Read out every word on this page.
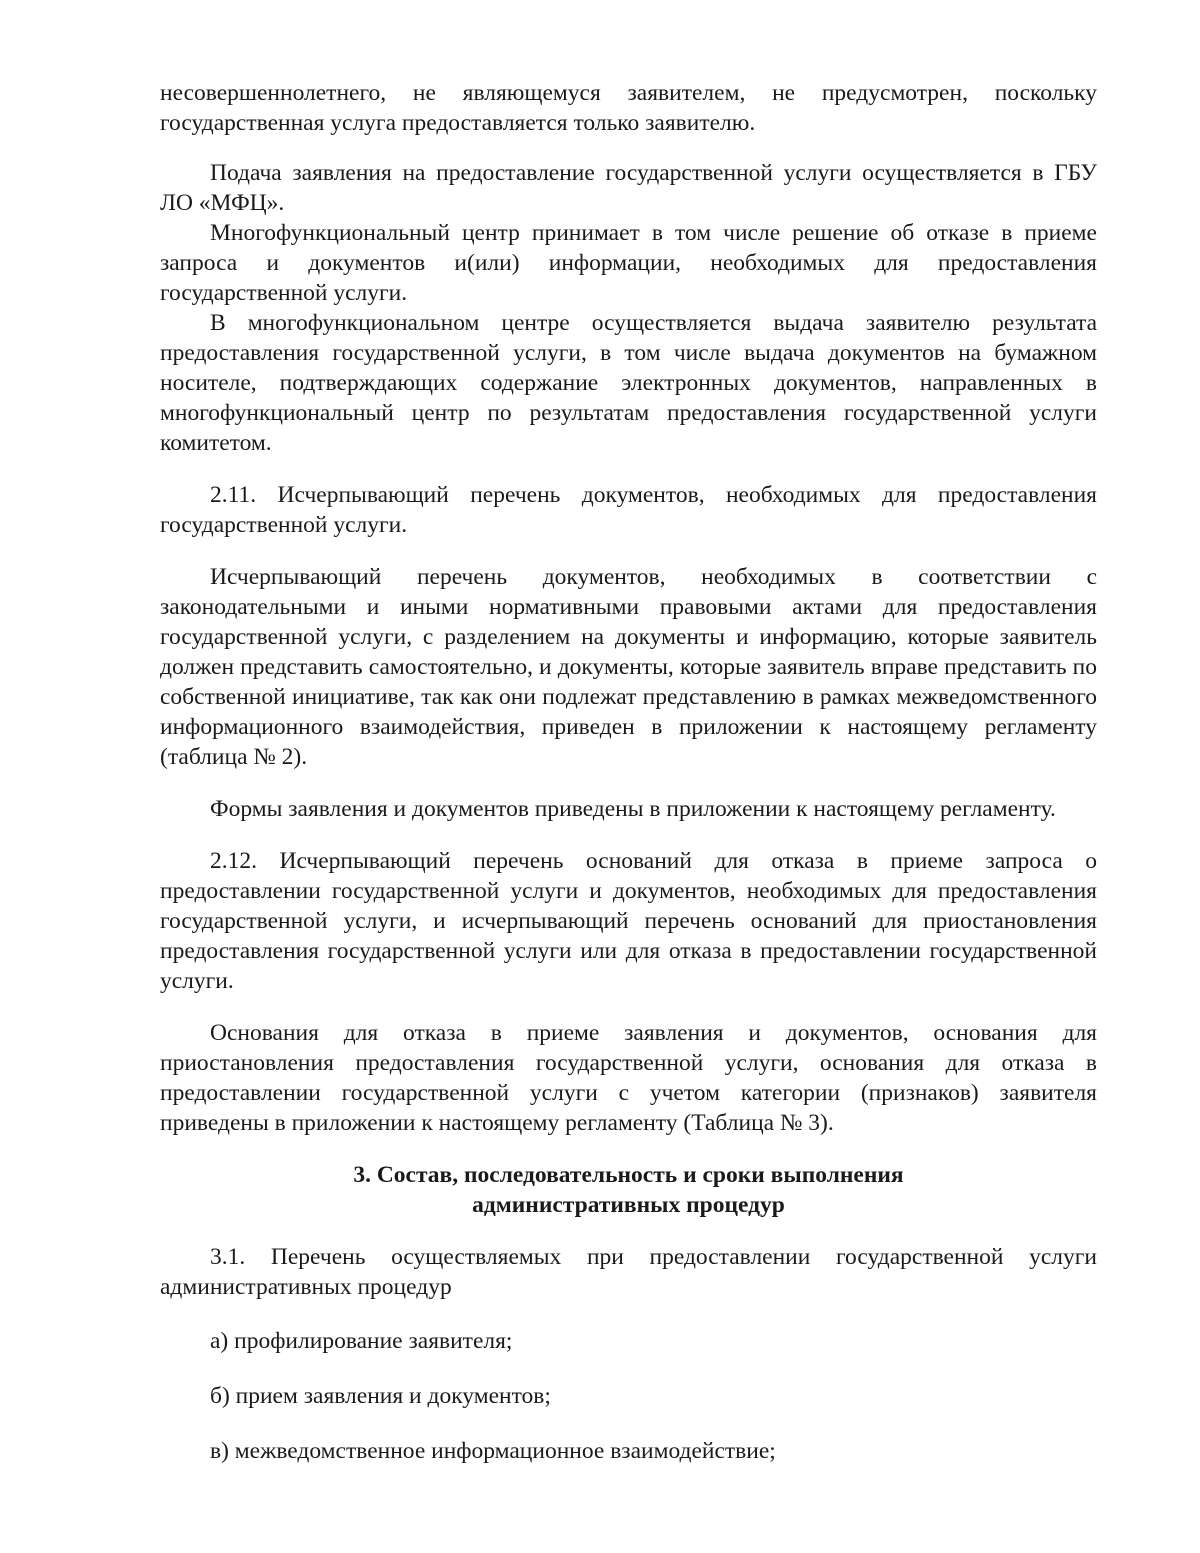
несовершеннолетнего, не являющемуся заявителем, не предусмотрен, поскольку государственная услуга предоставляется только заявителю.

Подача заявления на предоставление государственной услуги осуществляется в ГБУ ЛО «МФЦ».

Многофункциональный центр принимает в том числе решение об отказе в приеме запроса и документов и(или) информации, необходимых для предоставления государственной услуги.

В многофункциональном центре осуществляется выдача заявителю результата предоставления государственной услуги, в том числе выдача документов на бумажном носителе, подтверждающих содержание электронных документов, направленных в многофункциональный центр по результатам предоставления государственной услуги комитетом.

2.11. Исчерпывающий перечень документов, необходимых для предоставления государственной услуги.

Исчерпывающий перечень документов, необходимых в соответствии с законодательными и иными нормативными правовыми актами для предоставления государственной услуги, с разделением на документы и информацию, которые заявитель должен представить самостоятельно, и документы, которые заявитель вправе представить по собственной инициативе, так как они подлежат представлению в рамках межведомственного информационного взаимодействия, приведен в приложении к настоящему регламенту (таблица № 2).

Формы заявления и документов приведены в приложении к настоящему регламенту.

2.12. Исчерпывающий перечень оснований для отказа в приеме запроса о предоставлении государственной услуги и документов, необходимых для предоставления государственной услуги, и исчерпывающий перечень оснований для приостановления предоставления государственной услуги или для отказа в предоставлении государственной услуги.

Основания для отказа в приеме заявления и документов, основания для приостановления предоставления государственной услуги, основания для отказа в предоставлении государственной услуги с учетом категории (признаков) заявителя приведены в приложении к настоящему регламенту (Таблица № 3).

3. Состав, последовательность и сроки выполнения
административных процедур

3.1. Перечень осуществляемых при предоставлении государственной услуги административных процедур

а) профилирование заявителя;

б) прием заявления и документов;

в) межведомственное информационное взаимодействие;
